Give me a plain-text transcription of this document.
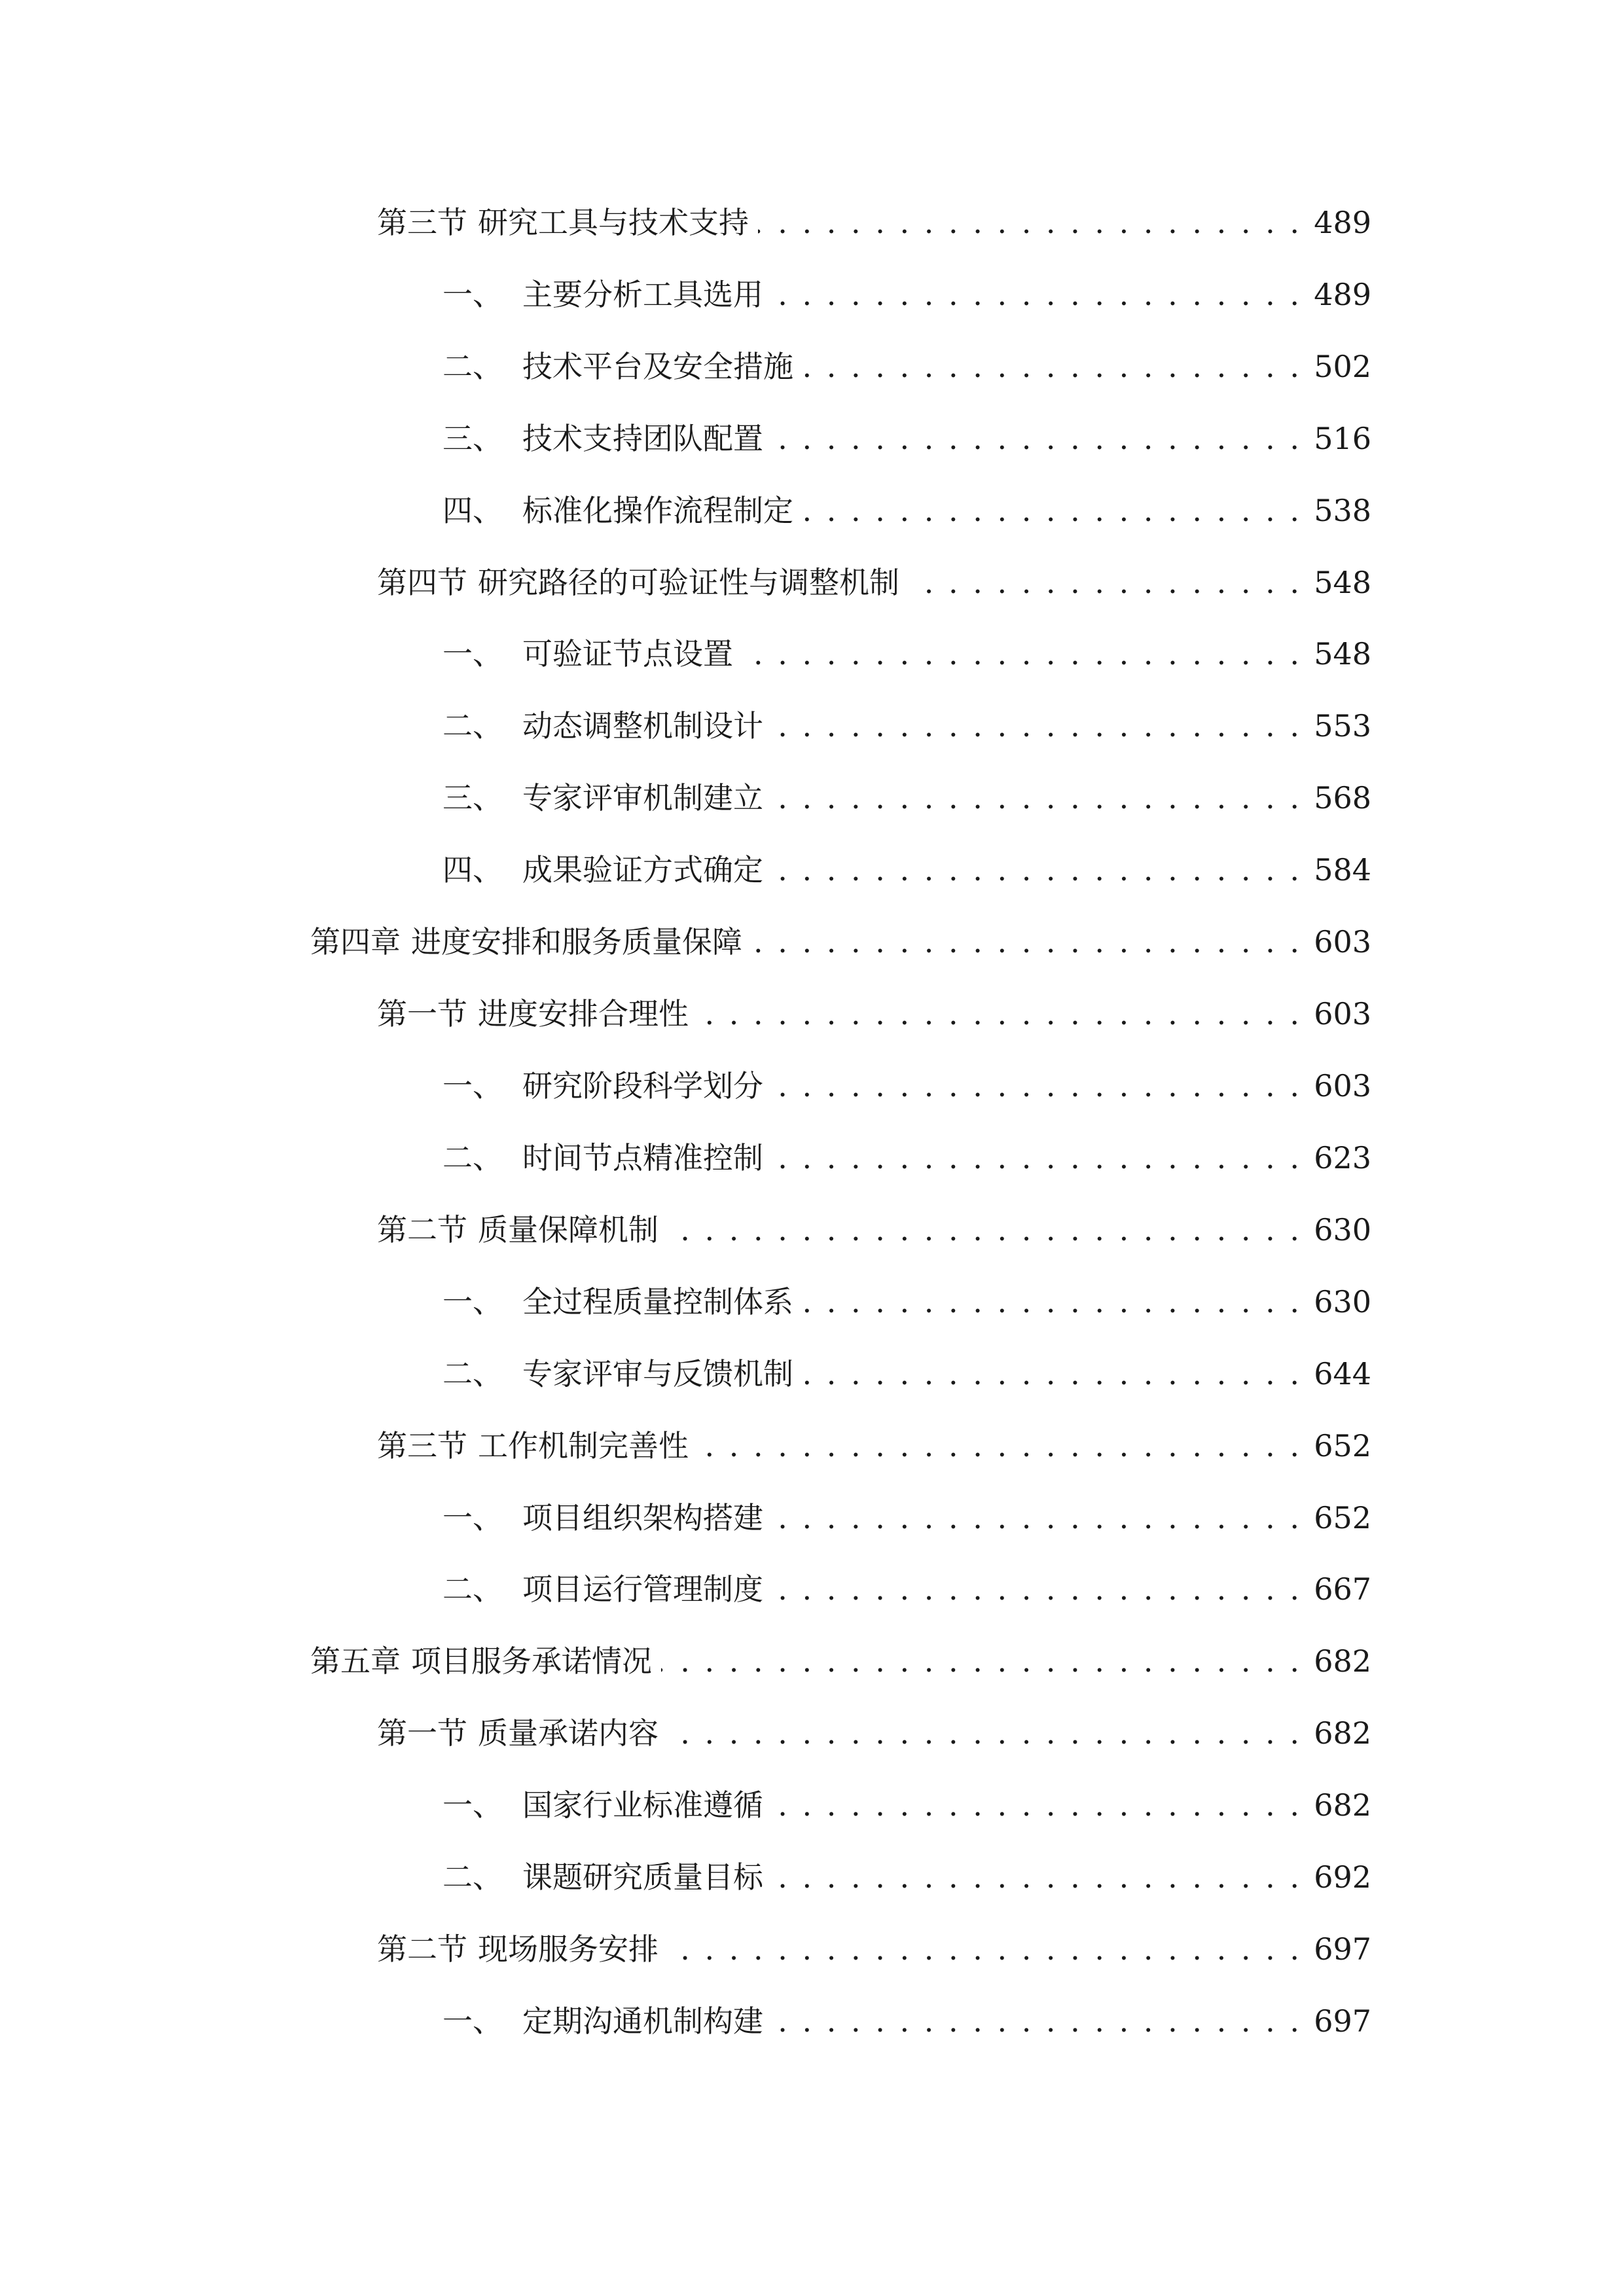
第三节 研究工具与技术支持 . . .	489
一、 主要分析工具选用 . . .	489
二、 技术平台及安全措施 . . .	502
三、 技术支持团队配置 . . .	516
四、 标准化操作流程制定 . . .	538
第四节 研究路径的可验证性与调整机制 . . .	548
一、 可验证节点设置 . . .	548
二、 动态调整机制设计 . . .	553
三、 专家评审机制建立 . . .	568
四、 成果验证方式确定 . . .	584
第四章 进度安排和服务质量保障 . . .	603
第一节 进度安排合理性 . . .	603
一、 研究阶段科学划分 . . .	603
二、 时间节点精准控制 . . .	623
第二节 质量保障机制 . . .	630
一、 全过程质量控制体系 . . .	630
二、 专家评审与反馈机制 . . .	644
第三节 工作机制完善性 . . .	652
一、 项目组织架构搭建 . . .	652
二、 项目运行管理制度 . . .	667
第五章 项目服务承诺情况 . . .	682
第一节 质量承诺内容 . . .	682
一、 国家行业标准遵循 . . .	682
二、 课题研究质量目标 . . .	692
第二节 现场服务安排 . . .	697
一、 定期沟通机制构建 . . .	697
